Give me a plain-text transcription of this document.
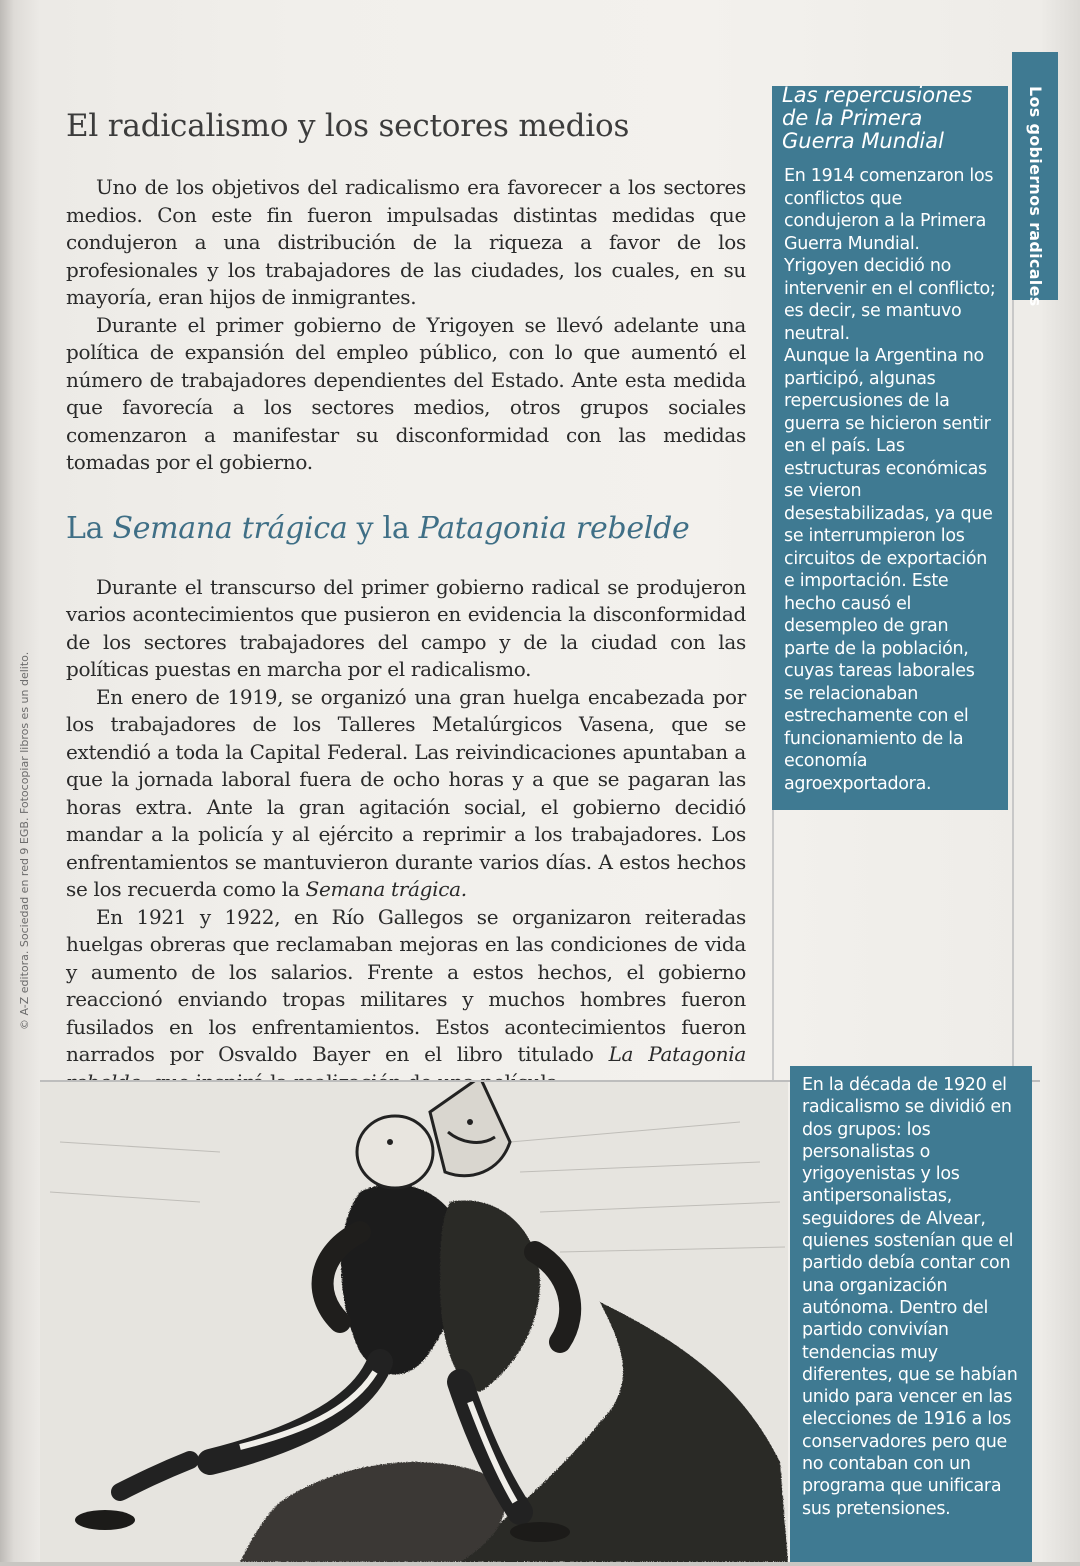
© A-Z editora. Sociedad en red 9 EGB. Fotocopiar libros es un delito.
Los gobiernos radicales
El radicalismo y los sectores medios

Uno de los objetivos del radicalismo era favorecer a los sectores medios. Con este fin fueron impulsadas distintas medidas que condujeron a una distribución de la riqueza a favor de los profesionales y los trabajadores de las ciudades, los cuales, en su mayoría, eran hijos de inmigrantes.

Durante el primer gobierno de Yrigoyen se llevó adelante una política de expansión del empleo público, con lo que aumentó el número de trabajadores dependientes del Estado. Ante esta medida que favorecía a los sectores medios, otros grupos sociales comenzaron a manifestar su disconformidad con las medidas tomadas por el gobierno.

La Semana trágica y la Patagonia rebelde

Durante el transcurso del primer gobierno radical se produjeron varios acontecimientos que pusieron en evidencia la disconformidad de los sectores trabajadores del campo y de la ciudad con las políticas puestas en marcha por el radicalismo.

En enero de 1919, se organizó una gran huelga encabezada por los trabajadores de los Talleres Metalúrgicos Vasena, que se extendió a toda la Capital Federal. Las reivindicaciones apuntaban a que la jornada laboral fuera de ocho horas y a que se pagaran las horas extra. Ante la gran agitación social, el gobierno decidió mandar a la policía y al ejército a reprimir a los trabajadores. Los enfrentamientos se mantuvieron durante varios días. A estos hechos se los recuerda como la Semana trágica.

En 1921 y 1922, en Río Gallegos se organizaron reiteradas huelgas obreras que reclamaban mejoras en las condiciones de vida y aumento de los salarios. Frente a estos hechos, el gobierno reaccionó enviando tropas militares y muchos hombres fueron fusilados en los enfrentamientos. Estos acontecimientos fueron narrados por Osvaldo Bayer en el libro titulado La Patagonia

Las repercusiones de la Primera Guerra Mundial

En 1914 comenzaron los conflictos que condujeron a la Primera Guerra Mundial. Yrigoyen decidió no intervenir en el conflicto; es decir, se mantuvo neutral.

Aunque la Argentina no participó, algunas repercusiones de la guerra se hicieron sentir en el país. Las estructuras económicas se vieron desestabilizadas, ya que se interrumpieron los circuitos de exportación e importación. Este hecho causó el desempleo de gran parte de la población, cuyas tareas laborales se relacionaban estrechamente con el funcionamiento de la economía agroexportadora.

En la década de 1920 el radicalismo se dividió en dos grupos: los personalistas o yrigoyenistas y los antipersonalistas, seguidores de Alvear, quienes sostenían que el partido debía contar con una organización autónoma. Dentro del partido convivían tendencias muy diferentes, que se habían unido para vencer en las elecciones de 1916 a los conservadores pero que no contaban con un programa que unificara sus pretensiones.
